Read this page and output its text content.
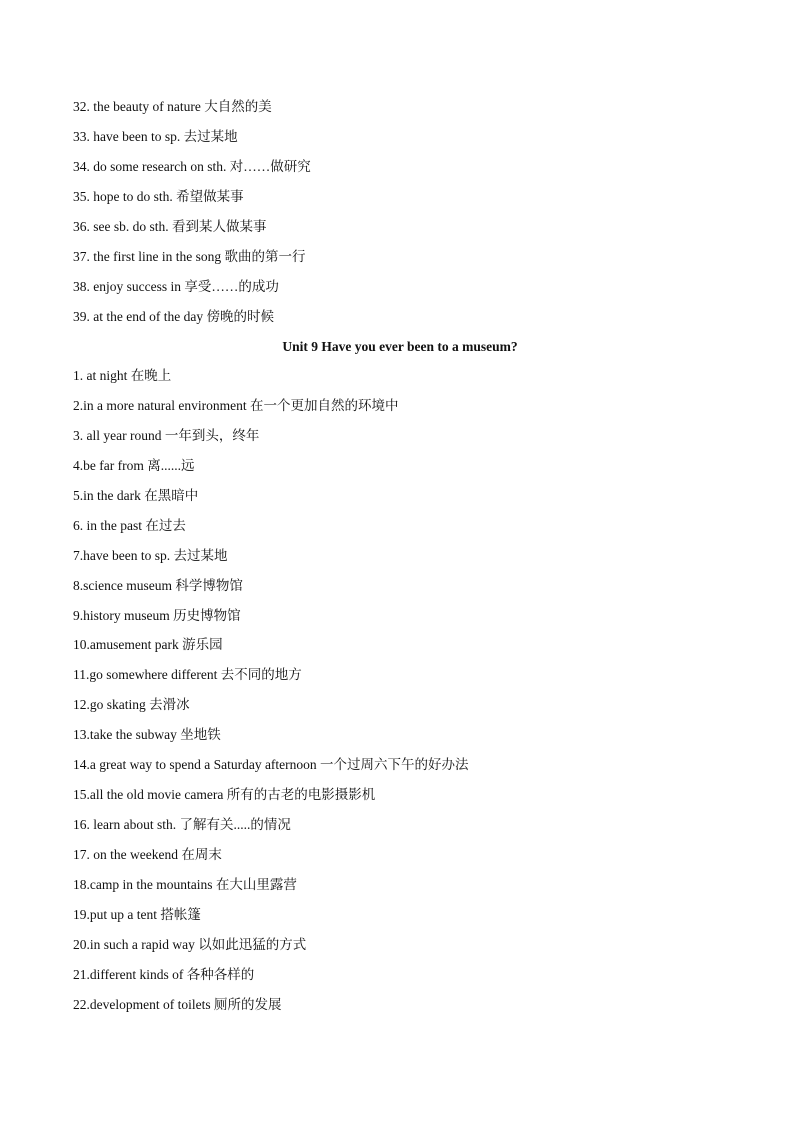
32. the beauty of nature 大自然的美
33. have been to sp. 去过某地
34. do some research on sth. 对……做研究
35. hope to do sth. 希望做某事
36. see sb. do sth. 看到某人做某事
37. the first line in the song 歌曲的第一行
38. enjoy success in 享受……的成功
39. at the end of the day 傍晚的时候
Unit 9 Have you ever been to a museum?
1. at night 在晚上
2.in a more natural environment 在一个更加自然的环境中
3. all year round 一年到头，终年
4.be far from 离......远
5.in the dark 在黑暗中
6. in the past 在过去
7.have been to sp. 去过某地
8.science museum 科学博物馆
9.history museum 历史博物馆
10.amusement park 游乐园
11.go somewhere different 去不同的地方
12.go skating 去滑冰
13.take the subway 坐地铁
14.a great way to spend a Saturday afternoon 一个过周六下午的好办法
15.all the old movie camera 所有的古老的电影摄影机
16. learn about sth. 了解有关.....的情况
17. on the weekend 在周末
18.camp in the mountains 在大山里露营
19.put up a tent 搭帐篷
20.in such a rapid way 以如此迅猛的方式
21.different kinds of 各种各样的
22.development of toilets 厕所的发展
